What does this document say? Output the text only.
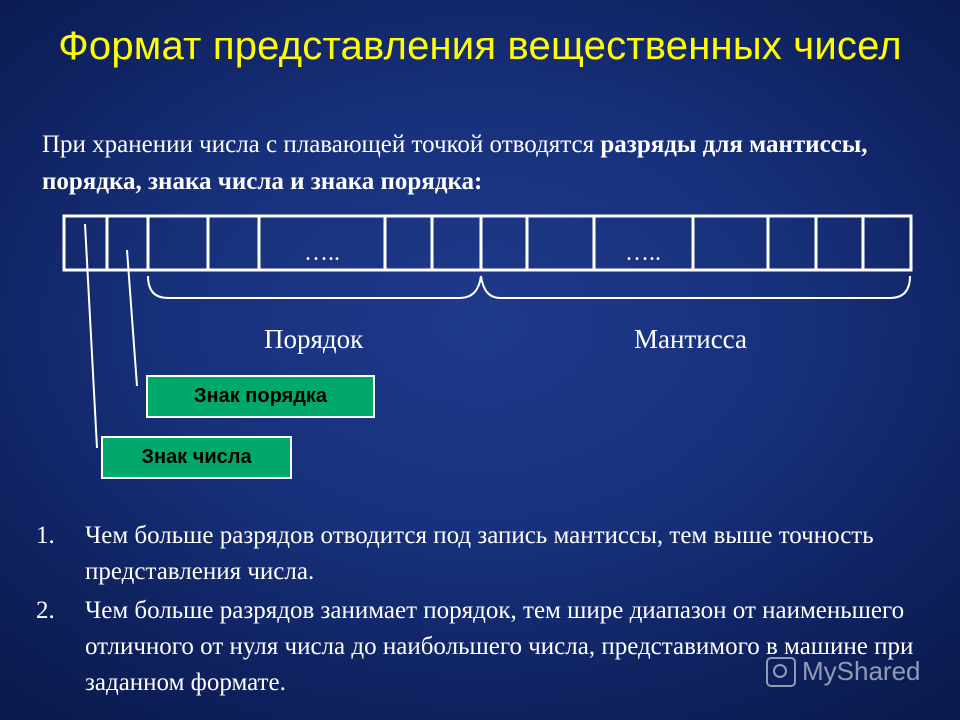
Формат представления вещественных чисел
При хранении числа с плавающей точкой отводятся разряды для мантиссы, порядка, знака числа и знака порядка:
…..	…..
Порядок	Мантисса
Знак порядка
Знак числа
1. Чем больше разрядов отводится под запись мантиссы, тем выше точность представления числа.
2. Чем больше разрядов занимает порядок, тем шире диапазон от наименьшего отличного от нуля числа до наибольшего числа, представимого в машине при заданном формате.	MyShared
